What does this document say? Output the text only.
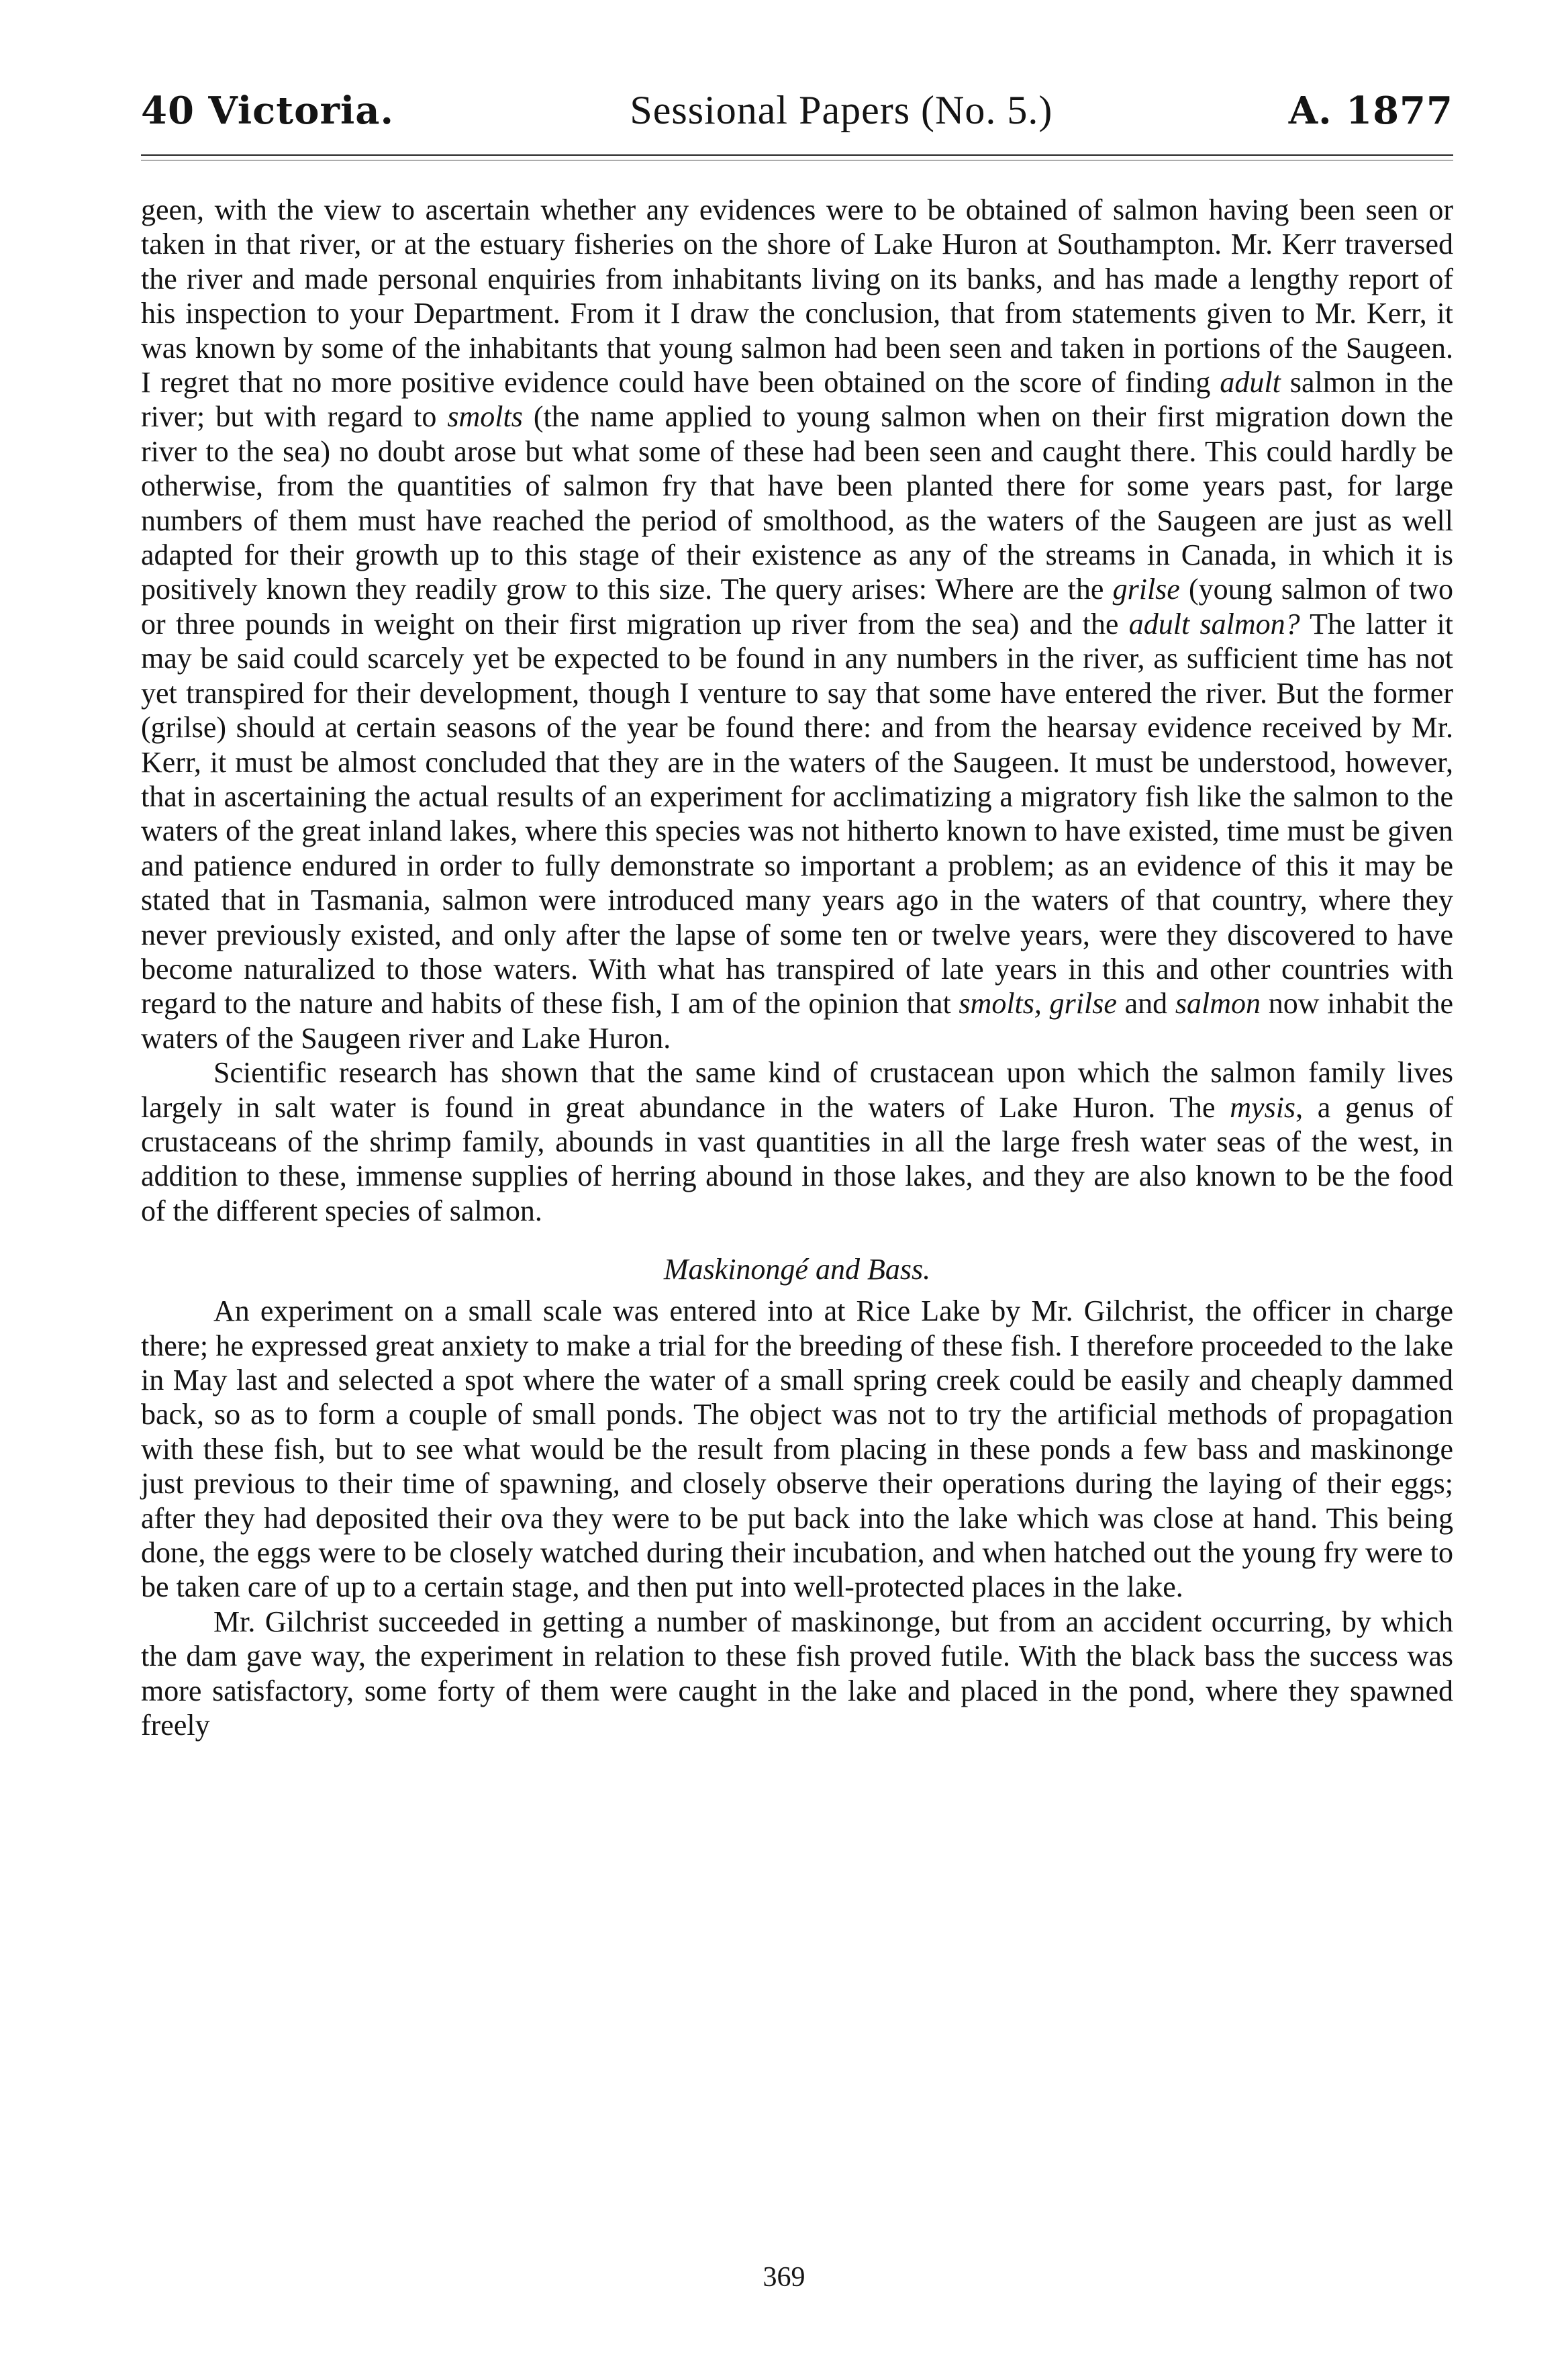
40 Victoria.	Sessional Papers (No. 5.)	A. 1877

geen, with the view to ascertain whether any evidences were to be obtained of salmon having been seen or taken in that river, or at the estuary fisheries on the shore of Lake Huron at Southampton. Mr. Kerr traversed the river and made personal enquiries from inhabitants living on its banks, and has made a lengthy report of his inspection to your Department. From it I draw the conclusion, that from statements given to Mr. Kerr, it was known by some of the inhabitants that young salmon had been seen and taken in portions of the Saugeen. I regret that no more positive evidence could have been obtained on the score of finding adult salmon in the river; but with regard to smolts (the name applied to young salmon when on their first migration down the river to the sea) no doubt arose but what some of these had been seen and caught there. This could hardly be otherwise, from the quantities of salmon fry that have been planted there for some years past, for large numbers of them must have reached the period of smolthood, as the waters of the Saugeen are just as well adapted for their growth up to this stage of their existence as any of the streams in Canada, in which it is positively known they readily grow to this size. The query arises: Where are the grilse (young salmon of two or three pounds in weight on their first migration up river from the sea) and the adult salmon? The latter it may be said could scarcely yet be expected to be found in any numbers in the river, as sufficient time has not yet transpired for their development, though I venture to say that some have entered the river. But the former (grilse) should at certain seasons of the year be found there: and from the hearsay evidence received by Mr. Kerr, it must be almost concluded that they are in the waters of the Saugeen. It must be understood, however, that in ascertaining the actual results of an experiment for acclimatizing a migratory fish like the salmon to the waters of the great inland lakes, where this species was not hitherto known to have existed, time must be given and patience endured in order to fully demonstrate so important a problem; as an evidence of this it may be stated that in Tasmania, salmon were introduced many years ago in the waters of that country, where they never previously existed, and only after the lapse of some ten or twelve years, were they discovered to have become naturalized to those waters. With what has transpired of late years in this and other countries with regard to the nature and habits of these fish, I am of the opinion that smolts, grilse and salmon now inhabit the waters of the Saugeen river and Lake Huron.

Scientific research has shown that the same kind of crustacean upon which the salmon family lives largely in salt water is found in great abundance in the waters of Lake Huron. The mysis, a genus of crustaceans of the shrimp family, abounds in vast quantities in all the large fresh water seas of the west, in addition to these, immense supplies of herring abound in those lakes, and they are also known to be the food of the different species of salmon.

Maskinongé and Bass.

An experiment on a small scale was entered into at Rice Lake by Mr. Gilchrist, the officer in charge there; he expressed great anxiety to make a trial for the breeding of these fish. I therefore proceeded to the lake in May last and selected a spot where the water of a small spring creek could be easily and cheaply dammed back, so as to form a couple of small ponds. The object was not to try the artificial methods of propagation with these fish, but to see what would be the result from placing in these ponds a few bass and maskinonge just previous to their time of spawning, and closely observe their operations during the laying of their eggs; after they had deposited their ova they were to be put back into the lake which was close at hand. This being done, the eggs were to be closely watched during their incubation, and when hatched out the young fry were to be taken care of up to a certain stage, and then put into well-protected places in the lake.

Mr. Gilchrist succeeded in getting a number of maskinonge, but from an accident occurring, by which the dam gave way, the experiment in relation to these fish proved futile. With the black bass the success was more satisfactory, some forty of them were caught in the lake and placed in the pond, where they spawned freely

369
